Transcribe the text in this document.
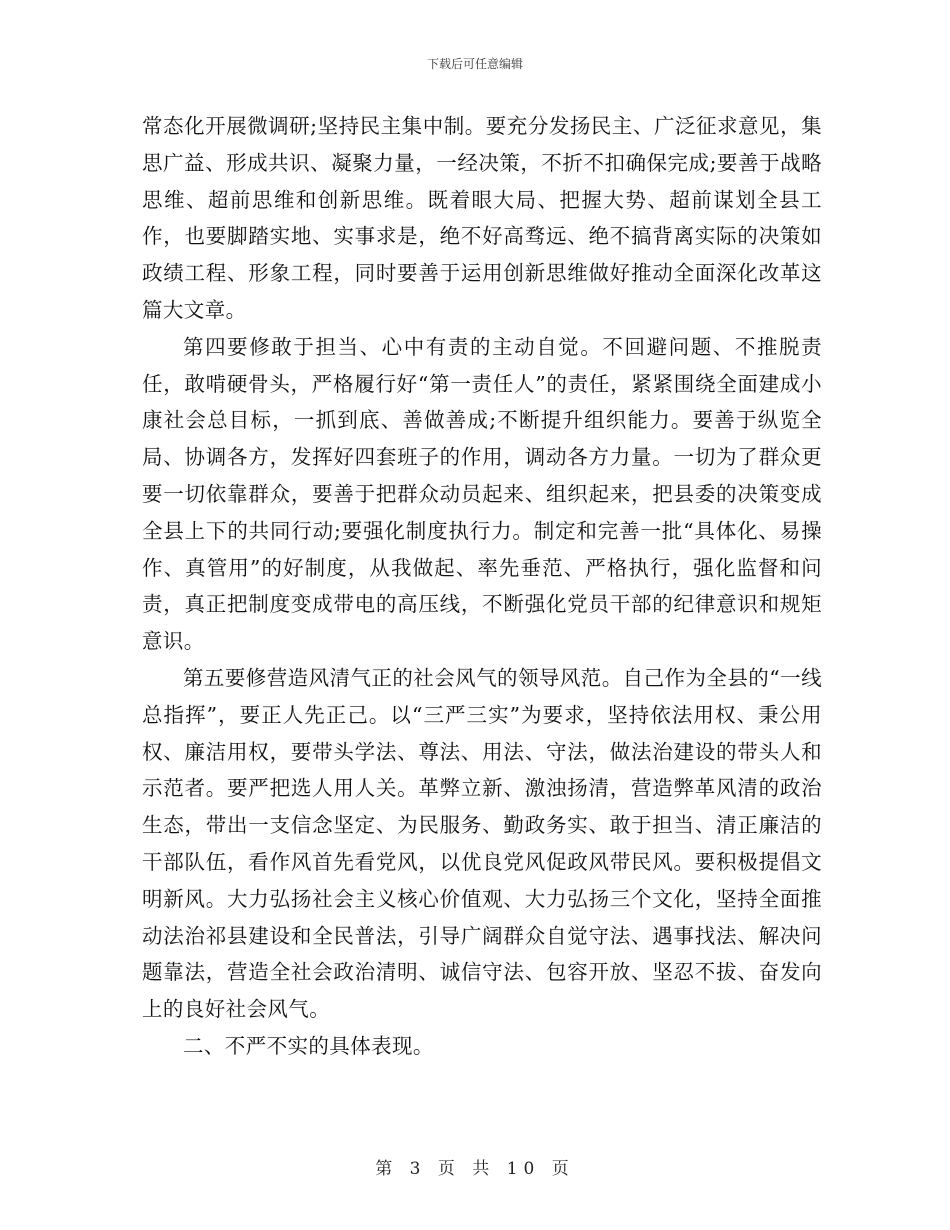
下载后可任意编辑

常态化开展微调研;坚持民主集中制。要充分发扬民主、广泛征求意见，集思广益、形成共识、凝聚力量，一经决策，不折不扣确保完成;要善于战略思维、超前思维和创新思维。既着眼大局、把握大势、超前谋划全县工作，也要脚踏实地、实事求是，绝不好高骛远、绝不搞背离实际的决策如政绩工程、形象工程，同时要善于运用创新思维做好推动全面深化改革这篇大文章。

第四要修敢于担当、心中有责的主动自觉。不回避问题、不推脱责任，敢啃硬骨头，严格履行好“第一责任人”的责任，紧紧围绕全面建成小康社会总目标，一抓到底、善做善成;不断提升组织能力。要善于纵览全局、协调各方，发挥好四套班子的作用，调动各方力量。一切为了群众更要一切依靠群众，要善于把群众动员起来、组织起来，把县委的决策变成全县上下的共同行动;要强化制度执行力。制定和完善一批“具体化、易操作、真管用”的好制度，从我做起、率先垂范、严格执行，强化监督和问责，真正把制度变成带电的高压线，不断强化党员干部的纪律意识和规矩意识。

第五要修营造风清气正的社会风气的领导风范。自己作为全县的“一线总指挥”，要正人先正己。以“三严三实”为要求，坚持依法用权、秉公用权、廉洁用权，要带头学法、尊法、用法、守法，做法治建设的带头人和示范者。要严把选人用人关。革弊立新、激浊扬清，营造弊革风清的政治生态，带出一支信念坚定、为民服务、勤政务实、敢于担当、清正廉洁的干部队伍，看作风首先看党风，以优良党风促政风带民风。要积极提倡文明新风。大力弘扬社会主义核心价值观、大力弘扬三个文化，坚持全面推动法治祁县建设和全民普法，引导广阔群众自觉守法、遇事找法、解决问题靠法，营造全社会政治清明、诚信守法、包容开放、坚忍不拔、奋发向上的良好社会风气。

二、不严不实的具体表现。

第 3 页 共 10 页
